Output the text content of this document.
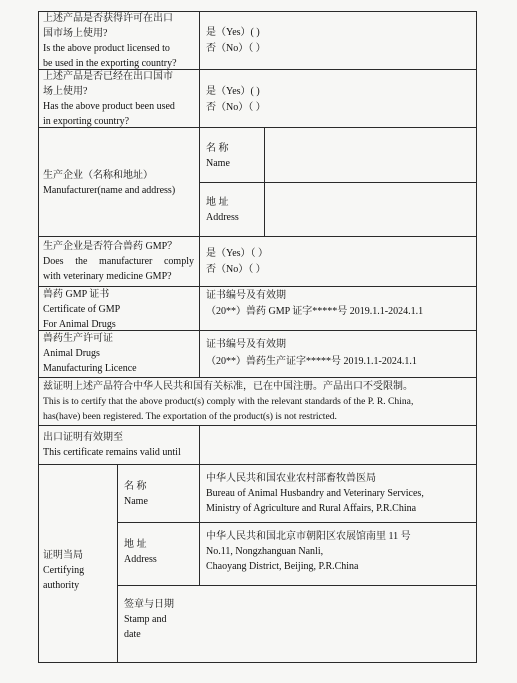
上述产品是否获得许可在出口
国市场上使用?
Is the above product licensed to
be used in the exporting country?

是（Yes）( )

否（No）（ ）

上述产品是否已经在出口国市
场上使用?
Has the above product been used
in exporting country?

是（Yes）( )

否（No）（ ）

生产企业（名称和地址）
Manufacturer(name and address)

名 称
Name

地 址
Address

生产企业是否符合兽药 GMP？

Does the manufacturer comply

with veterinary medicine GMP?

是（Yes）（ ）

否（No）（ ）

兽药 GMP 证书
Certificate of GMP
For Animal Drugs

证书编号及有效期

（20**）兽药 GMP 证字*****号 2019.1.1-2024.1.1

兽药生产许可证
Animal Drugs
Manufacturing Licence

证书编号及有效期

（20**）兽药生产证字*****号 2019.1.1-2024.1.1

兹证明上述产品符合中华人民共和国有关标准，已在中国注册。产品出口不受限制。

This is to certify that the above product(s) comply with the relevant standards of the P. R. China,
has(have) been registered. The exportation of the product(s) is not restricted.

出口证明有效期至
This certificate remains valid until

证明当局
Certifying
authority

名 称
Name

中华人民共和国农业农村部畜牧兽医局
Bureau of Animal Husbandry and Veterinary Services,
Ministry of Agriculture and Rural Affairs, P.R.China

地 址
Address

中华人民共和国北京市朝阳区农展馆南里 11 号
No.11, Nongzhanguan Nanli,
Chaoyang District, Beijing, P.R.China

签章与日期
Stamp and
date
